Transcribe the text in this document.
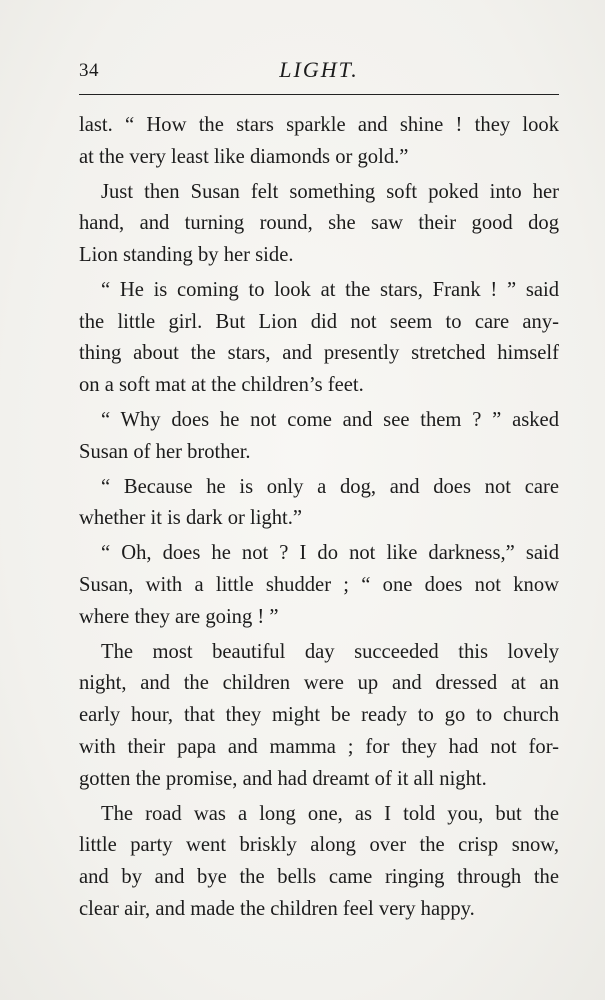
34	LIGHT.
last. “ How the stars sparkle and shine ! they look
at the very least like diamonds or gold.”
Just then Susan felt something soft poked into her
hand, and turning round, she saw their good dog
Lion standing by her side.
“ He is coming to look at the stars, Frank ! ” said
the little girl. But Lion did not seem to care any-
thing about the stars, and presently stretched himself
on a soft mat at the children’s feet.
“ Why does he not come and see them ? ” asked
Susan of her brother.
“ Because he is only a dog, and does not care
whether it is dark or light.”
“ Oh, does he not ? I do not like darkness,” said
Susan, with a little shudder ; “ one does not know
where they are going ! ”
The most beautiful day succeeded this lovely
night, and the children were up and dressed at an
early hour, that they might be ready to go to church
with their papa and mamma ; for they had not for-
gotten the promise, and had dreamt of it all night.
The road was a long one, as I told you, but the
little party went briskly along over the crisp snow,
and by and bye the bells came ringing through the
clear air, and made the children feel very happy.
